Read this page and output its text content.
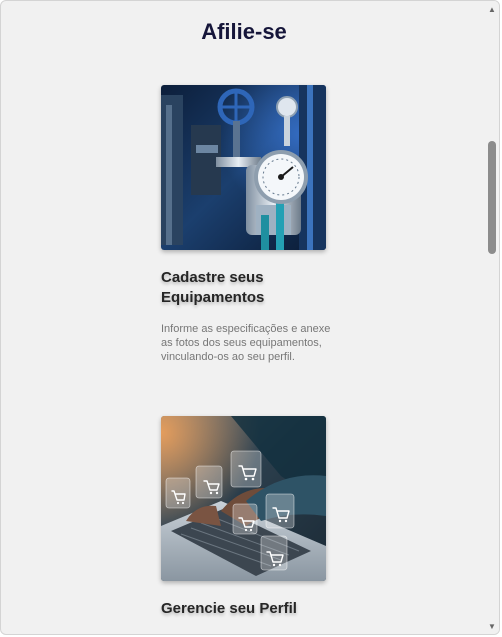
Afilie-se
Cadastre seus Equipamentos

Informe as especificações e anexe as fotos dos seus equipamentos, vinculando-os ao seu perfil.

Gerencie seu Perfil
▲
▼
